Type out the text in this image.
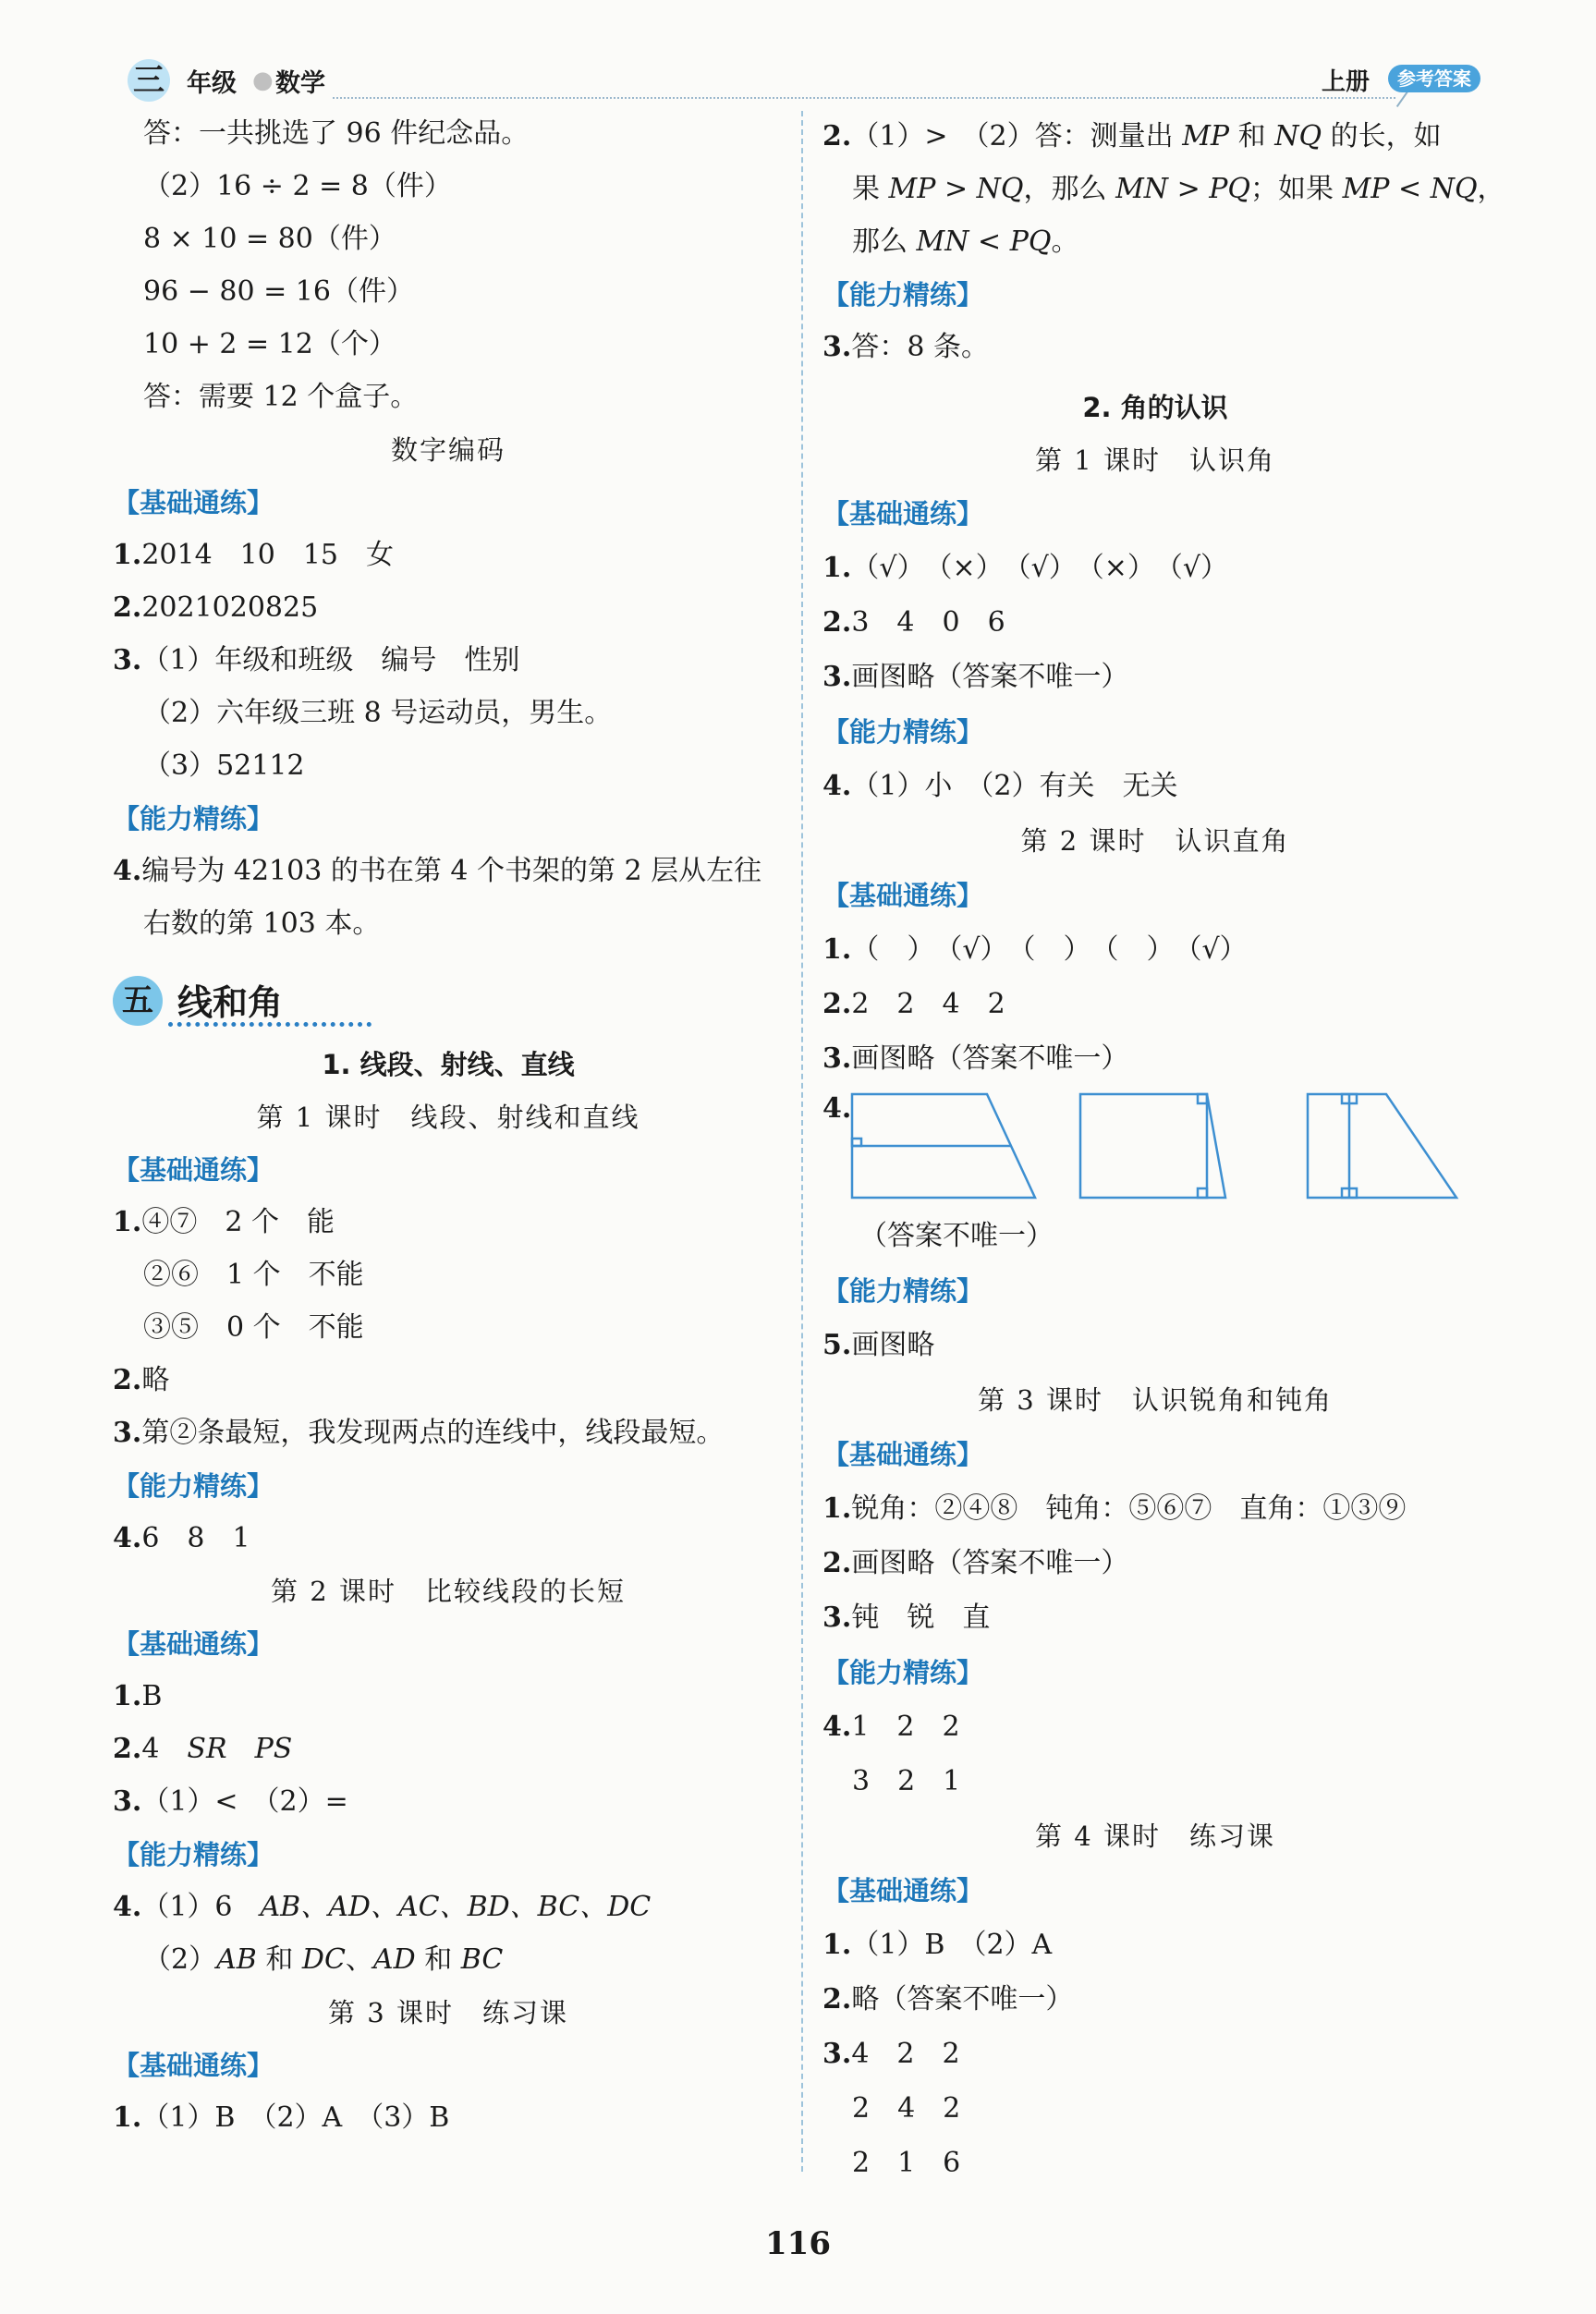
三 年级 ● 数学	上册	参考答案
答：一共挑选了 96 件纪念品。
（2）16 ÷ 2 = 8（件）
8 × 10 = 80（件）
96 − 80 = 16（件）
10 + 2 = 12（个）
答：需要 12 个盒子。
数字编码
【基础通练】
1.2014　10　15　女
2.2021020825
3.（1）年级和班级　编号　性别
（2）六年级三班 8 号运动员，男生。
（3）52112
【能力精练】
4.编号为 42103 的书在第 4 个书架的第 2 层从左往
右数的第 103 本。
五 线和角
1. 线段、射线、直线
第 1 课时　线段、射线和直线
【基础通练】
1.④⑦　2 个　能
②⑥　1 个　不能
③⑤　0 个　不能
2.略
3.第②条最短，我发现两点的连线中，线段最短。
【能力精练】
4.6　8　1
第 2 课时　比较线段的长短
【基础通练】
1.B
2.4　 SR　 PS
3.（1）<　（2）=
【能力精练】
4.（1）6　 AB、AD、AC、BD、BC、DC
（2）AB 和 DC、AD 和 BC
第 3 课时　练习课
【基础通练】
1.（1）B　（2）A　（3）B
2.（1）>　（2）答：测量出 MP 和 NQ 的长，如
果 MP > NQ，那么 MN > PQ；如果 MP < NQ，
那么 MN < PQ。
【能力精练】
3.答：8 条。
2. 角的认识
第 1 课时　认识角
【基础通练】
1.（√）　（×）　（√）　（×）　（√）
2.3　4　0　6
3.画图略（答案不唯一）
【能力精练】
4.（1）小　（2）有关　无关
第 2 课时　认识直角
【基础通练】
1.（　）　（√）　（　）　（　）　（√）
2.2　2　4　2
3.画图略（答案不唯一）
4.
（答案不唯一）
【能力精练】
5.画图略
第 3 课时　认识锐角和钝角
【基础通练】
1.锐角：②④⑧　钝角：⑤⑥⑦　直角：①③⑨
2.画图略（答案不唯一）
3.钝　锐　直
【能力精练】
4.1　2　2
3　2　1
第 4 课时　练习课
【基础通练】
1.（1）B　（2）A
2.略（答案不唯一）
3.4　2　2
2　4　2
2　1　6
116
